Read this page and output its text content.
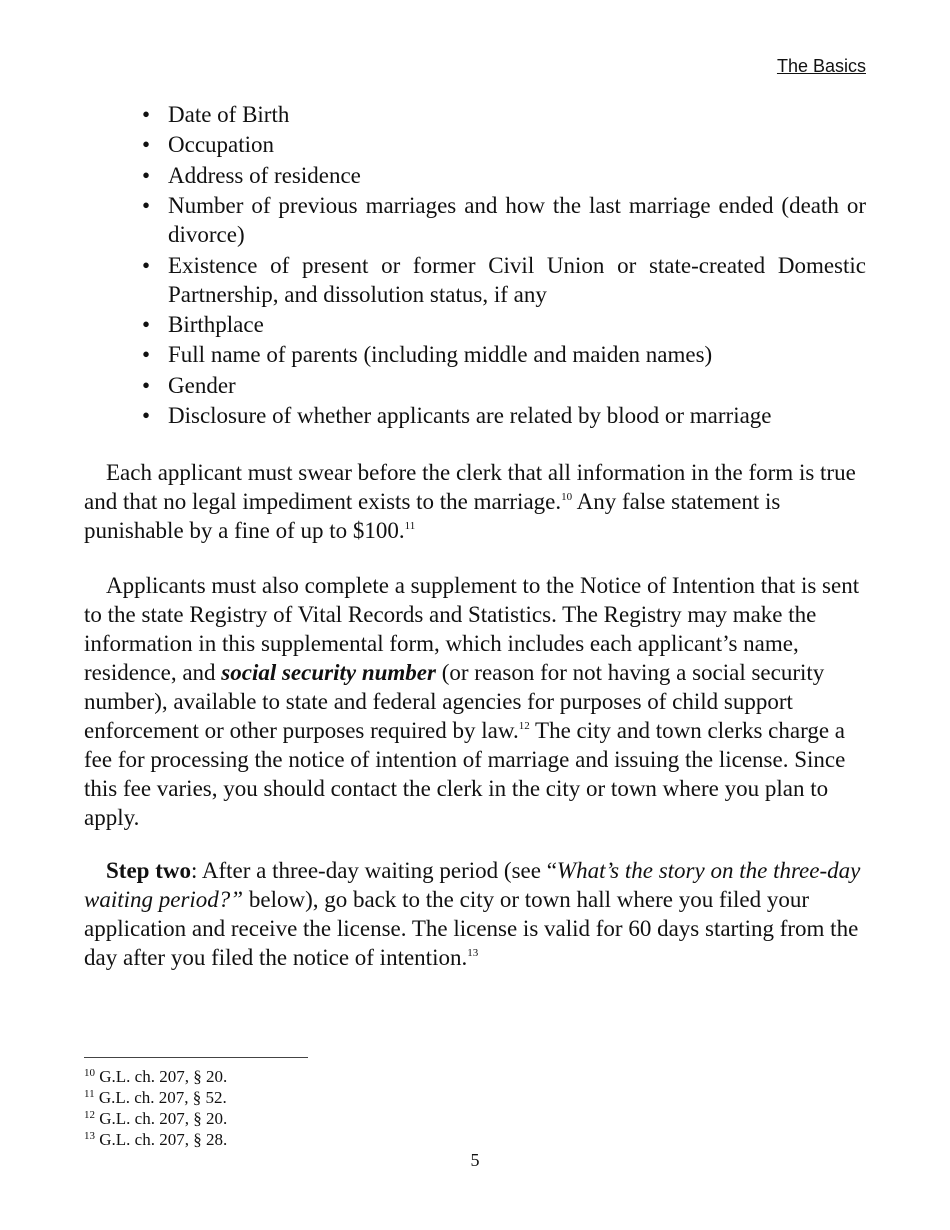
The Basics
• Date of Birth
• Occupation
• Address of residence
• Number of previous marriages and how the last marriage ended (death or divorce)
• Existence of present or former Civil Union or state-created Domestic Partnership, and dissolution status, if any
• Birthplace
• Full name of parents (including middle and maiden names)
• Gender
• Disclosure of whether applicants are related by blood or marriage

Each applicant must swear before the clerk that all information in the form is true and that no legal impediment exists to the marriage.$^{10}$ Any false statement is punishable by a fine of up to $100.11

Applicants must also complete a supplement to the Notice of Intention that is sent to the state Registry of Vital Records and Statistics. The Registry may make the information in this supplemental form, which includes each applicant’s name, residence, and social security number (or reason for not having a social security number), available to state and federal agencies for purposes of child support enforcement or other purposes required by law.$^{12}$ The city and town clerks charge a fee for processing the notice of intention of marriage and issuing the license. Since this fee varies, you should contact the clerk in the city or town where you plan to apply.

Step two: After a three-day waiting period (see “What’s the story on the three-day waiting period?” below), go back to the city or town hall where you filed your application and receive the license. The license is valid for 60 days starting from the day after you filed the notice of intention.$^{13}$

$^{10}$ G.L. ch. 207, § 20.
$^{11}$ G.L. ch. 207, § 52.
$^{12}$ G.L. ch. 207, § 20.
$^{13}$ G.L. ch. 207, § 28.
5
